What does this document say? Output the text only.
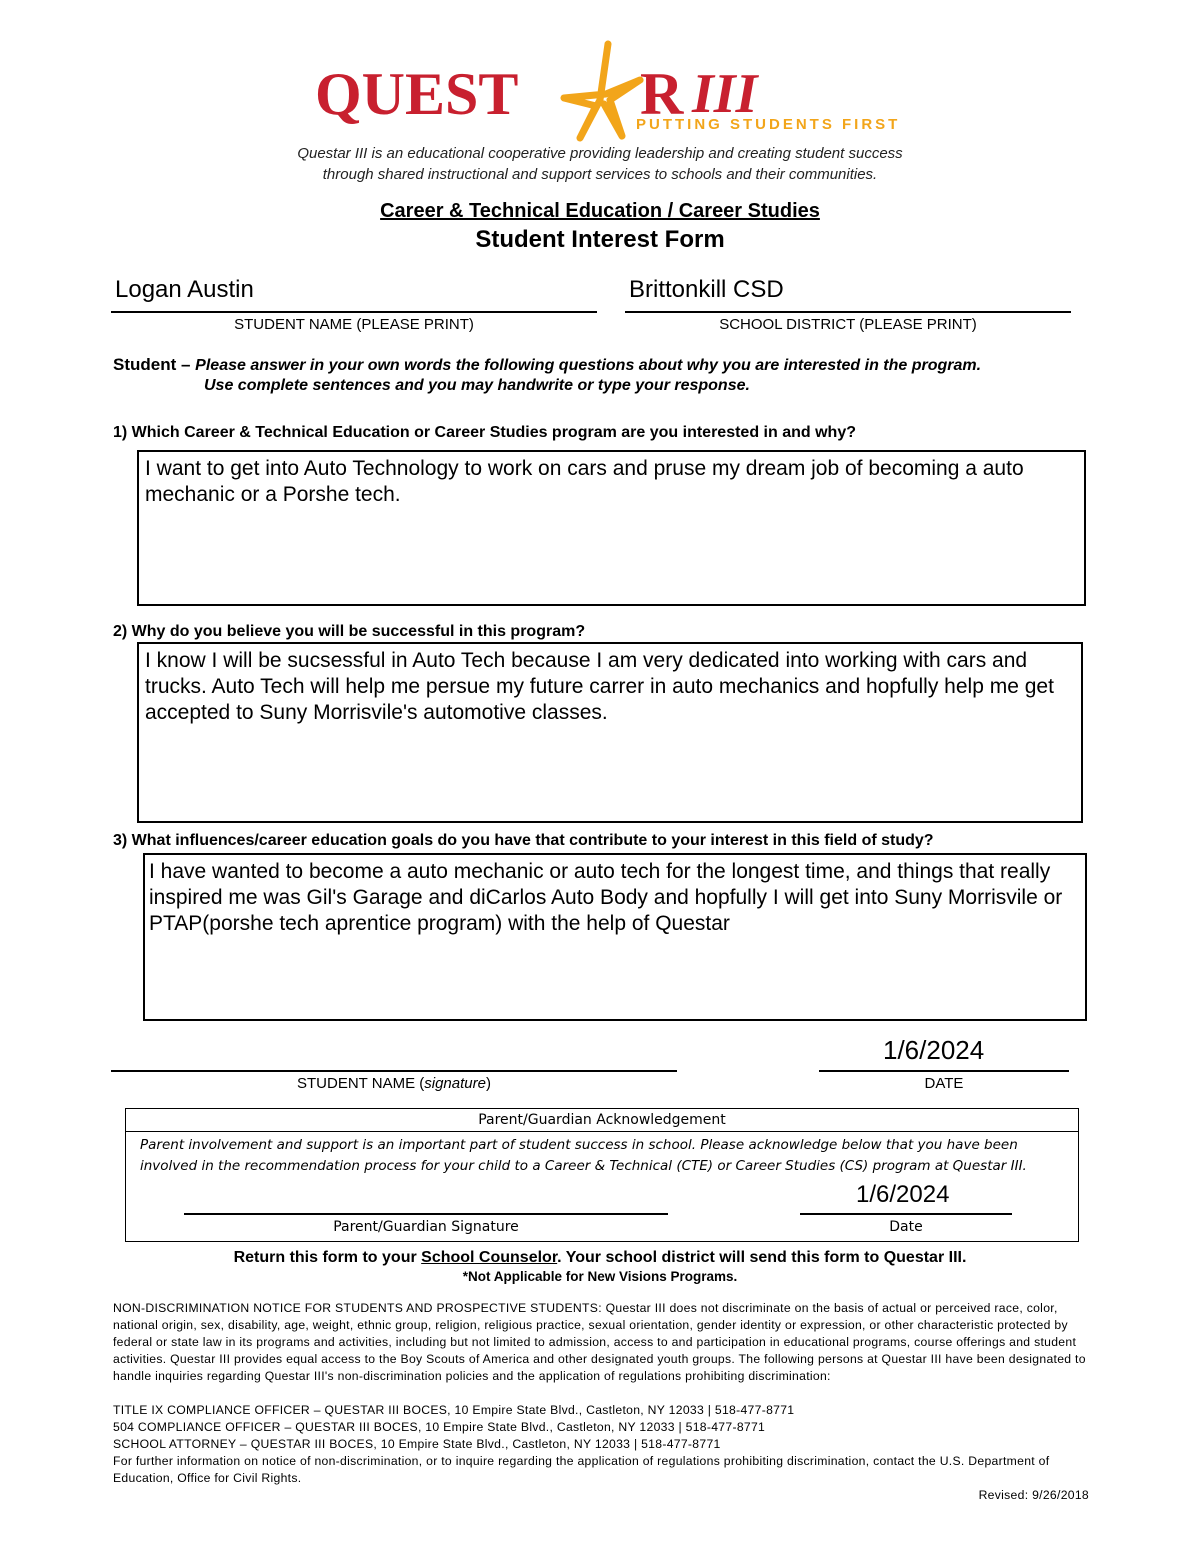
QUEST R III
PUTTING STUDENTS FIRST
Questar III is an educational cooperative providing leadership and creating student success
through shared instructional and support services to schools and their communities.
Career & Technical Education / Career Studies
Student Interest Form
Logan Austin
STUDENT NAME (PLEASE PRINT)
Brittonkill CSD
SCHOOL DISTRICT (PLEASE PRINT)
Student – Please answer in your own words the following questions about why you are interested in the program.
Use complete sentences and you may handwrite or type your response.
1) Which Career & Technical Education or Career Studies program are you interested in and why?
I want to get into Auto Technology to work on cars and pruse my dream job of becoming a auto mechanic or a Porshe tech.
2) Why do you believe you will be successful in this program?
I know I will be sucsessful in Auto Tech because I am very dedicated into working with cars and trucks. Auto Tech will help me persue my future carrer in auto mechanics and hopfully help me get accepted to Suny Morrisvile's automotive classes.
3) What influences/career education goals do you have that contribute to your interest in this field of study?
I have wanted to become a auto mechanic or auto tech for the longest time, and things that really inspired me was Gil's Garage and diCarlos Auto Body and hopfully I will get into Suny Morrisvile or PTAP(porshe tech aprentice program) with the help of Questar
1/6/2024
STUDENT NAME (signature)	DATE
Parent/Guardian Acknowledgement
Parent involvement and support is an important part of student success in school. Please acknowledge below that you have been involved in the recommendation process for your child to a Career & Technical (CTE) or Career Studies (CS) program at Questar III.
1/6/2024
Parent/Guardian Signature	Date
Return this form to your School Counselor. Your school district will send this form to Questar III.
*Not Applicable for New Visions Programs.
NON-DISCRIMINATION NOTICE FOR STUDENTS AND PROSPECTIVE STUDENTS: Questar III does not discriminate on the basis of actual or perceived race, color, national origin, sex, disability, age, weight, ethnic group, religion, religious practice, sexual orientation, gender identity or expression, or other characteristic protected by federal or state law in its programs and activities, including but not limited to admission, access to and participation in educational programs, course offerings and student activities. Questar III provides equal access to the Boy Scouts of America and other designated youth groups. The following persons at Questar III have been designated to handle inquiries regarding Questar III's non-discrimination policies and the application of regulations prohibiting discrimination:
TITLE IX COMPLIANCE OFFICER – QUESTAR III BOCES, 10 Empire State Blvd., Castleton, NY 12033 | 518-477-8771
504 COMPLIANCE OFFICER – QUESTAR III BOCES, 10 Empire State Blvd., Castleton, NY 12033 | 518-477-8771
SCHOOL ATTORNEY – QUESTAR III BOCES, 10 Empire State Blvd., Castleton, NY 12033 | 518-477-8771
For further information on notice of non-discrimination, or to inquire regarding the application of regulations prohibiting discrimination, contact the U.S. Department of Education, Office for Civil Rights.
Revised: 9/26/2018
